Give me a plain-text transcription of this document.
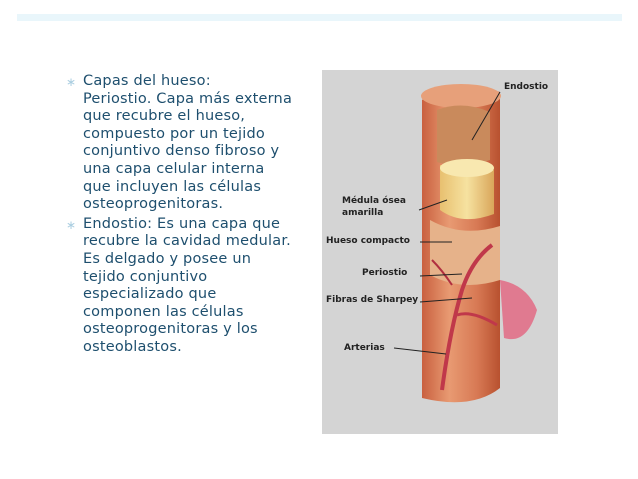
∗ Capas del hueso:

Periostio. Capa más externa que recubre el hueso, compuesto por un tejido conjuntivo denso fibroso y una capa celular interna que incluyen las células osteoprogenitoras.

∗ Endostio: Es una capa que recubre la cavidad medular. Es delgado y posee un tejido conjuntivo especializado que componen las células osteoprogenitoras y los osteoblastos.

Endostio
Médula ósea
amarilla
Hueso compacto
Periostio
Fibras de Sharpey
Arterias
